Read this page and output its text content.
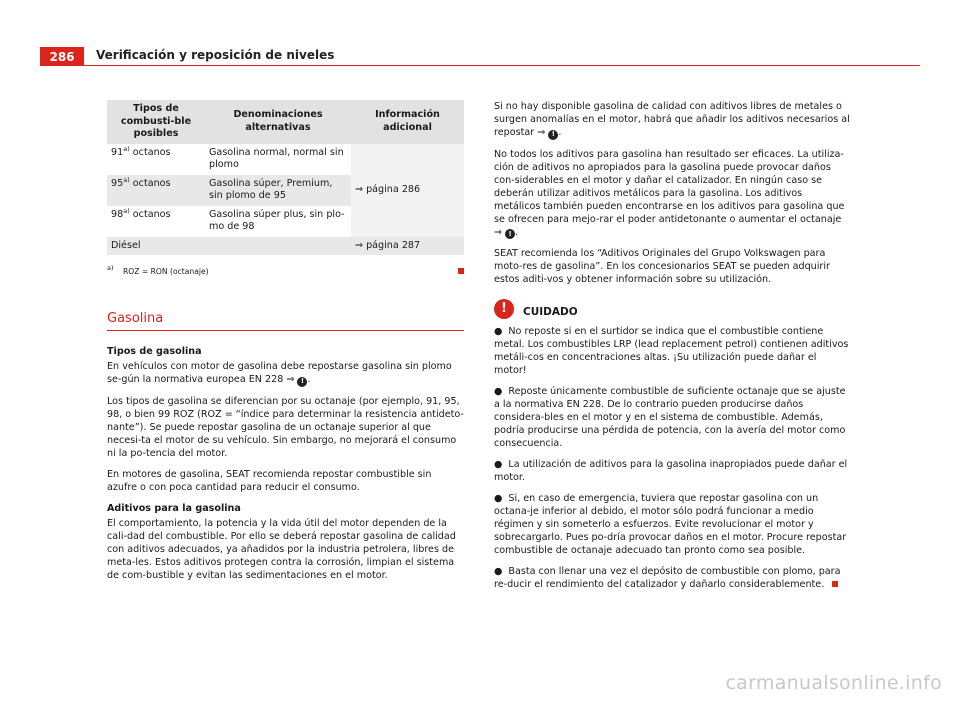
286	Verificación y reposición de niveles
Tipos de combusti-ble posibles	Denominaciones alternativas	Información adicional
91$^{a)}$ octanos	Gasolina normal, normal sin plomo	⇒ página 286
95$^{a)}$ octanos	Gasolina súper, Premium, sin plomo de 95	
98$^{a)}$ octanos	Gasolina súper plus, sin plo-mo de 98	
Diésel		⇒ página 287
$^{a)}$ ROZ = RON (octanaje)
Gasolina

Tipos de gasolina

En vehículos con motor de gasolina debe repostarse gasolina sin plomo se-gún la normativa europea EN 228 ⇒ ! .

Los tipos de gasolina se diferencian por su octanaje (por ejemplo, 91, 95, 98, o bien 99 ROZ (ROZ = “índice para determinar la resistencia antideto-nante”). Se puede repostar gasolina de un octanaje superior al que necesi-ta el motor de su vehículo. Sin embargo, no mejorará el consumo ni la po-tencia del motor.

En motores de gasolina, SEAT recomienda repostar combustible sin azufre o con poca cantidad para reducir el consumo.

Aditivos para la gasolina

El comportamiento, la potencia y la vida útil del motor dependen de la cali-dad del combustible. Por ello se deberá repostar gasolina de calidad con aditivos adecuados, ya añadidos por la industria petrolera, libres de meta-les. Estos aditivos protegen contra la corrosión, limpian el sistema de com-bustible y evitan las sedimentaciones en el motor.

Si no hay disponible gasolina de calidad con aditivos libres de metales o surgen anomalías en el motor, habrá que añadir los aditivos necesarios al repostar ⇒ ! .

No todos los aditivos para gasolina han resultado ser eficaces. La utiliza-ción de aditivos no apropiados para la gasolina puede provocar daños con-siderables en el motor y dañar el catalizador. En ningún caso se deberán utilizar aditivos metálicos para la gasolina. Los aditivos metálicos también pueden encontrarse en los aditivos para gasolina que se ofrecen para mejo-rar el poder antidetonante o aumentar el octanaje ⇒ ! .

SEAT recomienda los “Aditivos Originales del Grupo Volkswagen para moto-res de gasolina”. En los concesionarios SEAT se pueden adquirir estos aditi-vos y obtener información sobre su utilización.

!	CUIDADO

● No reposte si en el surtidor se indica que el combustible contiene metal. Los combustibles LRP (lead replacement petrol) contienen aditivos metáli-cos en concentraciones altas. ¡Su utilización puede dañar el motor!

● Reposte únicamente combustible de suficiente octanaje que se ajuste a la normativa EN 228. De lo contrario pueden producirse daños considera-bles en el motor y en el sistema de combustible. Además, podría producirse una pérdida de potencia, con la avería del motor como consecuencia.

● La utilización de aditivos para la gasolina inapropiados puede dañar el motor.

● Si, en caso de emergencia, tuviera que repostar gasolina con un octana-je inferior al debido, el motor sólo podrá funcionar a medio régimen y sin someterlo a esfuerzos. Evite revolucionar el motor y sobrecargarlo. Pues po-dría provocar daños en el motor. Procure repostar combustible de octanaje adecuado tan pronto como sea posible.

● Basta con llenar una vez el depósito de combustible con plomo, para re-ducir el rendimiento del catalizador y dañarlo considerablemente.

carmanualsonline.info
